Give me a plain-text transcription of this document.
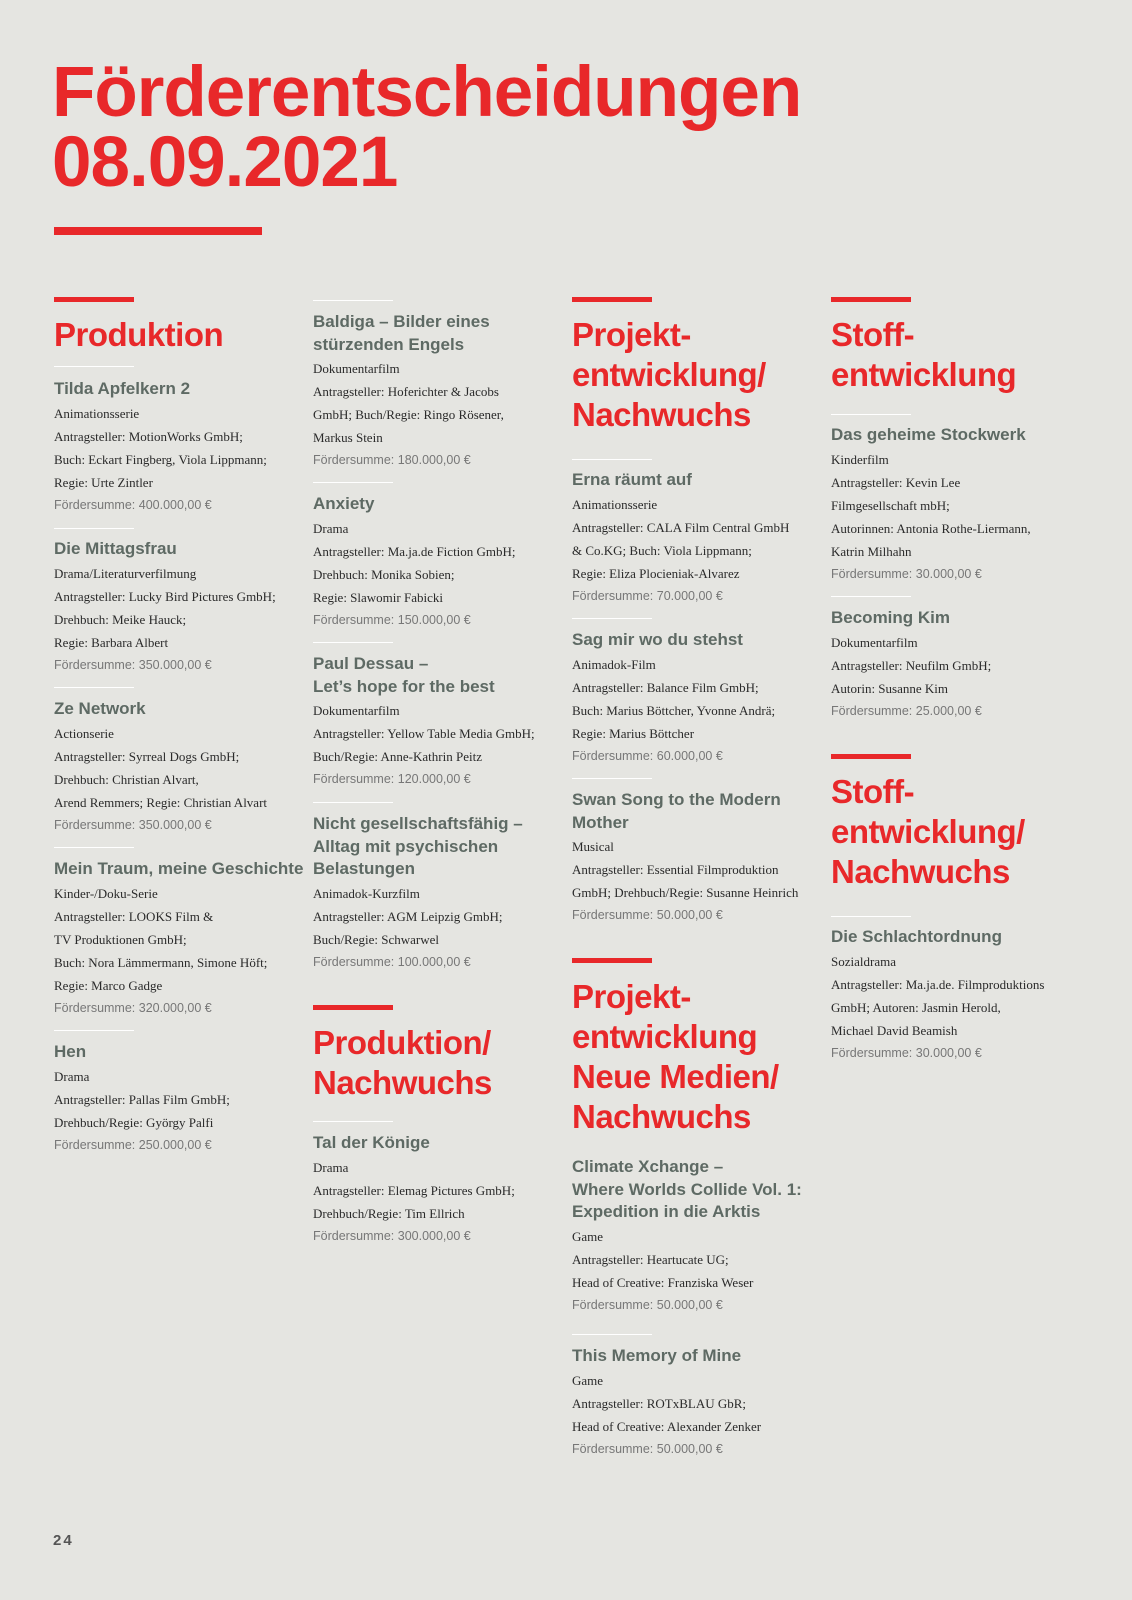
Förderentscheidungen
08.09.2021
Produktion
Tilda Apfelkern 2
Animationsserie
Antragsteller: MotionWorks GmbH;
Buch: Eckart Fingberg, Viola Lippmann;
Regie: Urte Zintler
Fördersumme: 400.000,00 €
Die Mittagsfrau
Drama/Literaturverfilmung
Antragsteller: Lucky Bird Pictures GmbH;
Drehbuch: Meike Hauck;
Regie: Barbara Albert
Fördersumme: 350.000,00 €
Ze Network
Actionserie
Antragsteller: Syrreal Dogs GmbH;
Drehbuch: Christian Alvart,
Arend Remmers; Regie: Christian Alvart
Fördersumme: 350.000,00 €
Mein Traum, meine Geschichte
Kinder-/Doku-Serie
Antragsteller: LOOKS Film &
TV Produktionen GmbH;
Buch: Nora Lämmermann, Simone Höft;
Regie: Marco Gadge
Fördersumme: 320.000,00 €
Hen
Drama
Antragsteller: Pallas Film GmbH;
Drehbuch/Regie: György Palfi
Fördersumme: 250.000,00 €
Baldiga – Bilder eines
stürzenden Engels
Dokumentarfilm
Antragsteller: Hoferichter & Jacobs
GmbH; Buch/Regie: Ringo Rösener,
Markus Stein
Fördersumme: 180.000,00 €
Anxiety
Drama
Antragsteller: Ma.ja.de Fiction GmbH;
Drehbuch: Monika Sobien;
Regie: Slawomir Fabicki
Fördersumme: 150.000,00 €
Paul Dessau –
Let’s hope for the best
Dokumentarfilm
Antragsteller: Yellow Table Media GmbH;
Buch/Regie: Anne-Kathrin Peitz
Fördersumme: 120.000,00 €
Nicht gesellschaftsfähig –
Alltag mit psychischen
Belastungen
Animadok-Kurzfilm
Antragsteller: AGM Leipzig GmbH;
Buch/Regie: Schwarwel
Fördersumme: 100.000,00 €
Produktion/
Nachwuchs
Tal der Könige
Drama
Antragsteller: Elemag Pictures GmbH;
Drehbuch/Regie: Tim Ellrich
Fördersumme: 300.000,00 €
Projekt-
entwicklung/
Nachwuchs
Erna räumt auf
Animationsserie
Antragsteller: CALA Film Central GmbH
& Co.KG; Buch: Viola Lippmann;
Regie: Eliza Plocieniak-Alvarez
Fördersumme: 70.000,00 €
Sag mir wo du stehst
Animadok-Film
Antragsteller: Balance Film GmbH;
Buch: Marius Böttcher, Yvonne Andrä;
Regie: Marius Böttcher
Fördersumme: 60.000,00 €
Swan Song to the Modern
Mother
Musical
Antragsteller: Essential Filmproduktion
GmbH; Drehbuch/Regie: Susanne Heinrich
Fördersumme: 50.000,00 €
Projekt-
entwicklung
Neue Medien/
Nachwuchs
Climate Xchange –
Where Worlds Collide Vol. 1:
Expedition in die Arktis
Game
Antragsteller: Heartucate UG;
Head of Creative: Franziska Weser
Fördersumme: 50.000,00 €
This Memory of Mine
Game
Antragsteller: ROTxBLAU GbR;
Head of Creative: Alexander Zenker
Fördersumme: 50.000,00 €
Stoff-
entwicklung
Das geheime Stockwerk
Kinderfilm
Antragsteller: Kevin Lee
Filmgesellschaft mbH;
Autorinnen: Antonia Rothe-Liermann,
Katrin Milhahn
Fördersumme: 30.000,00 €
Becoming Kim
Dokumentarfilm
Antragsteller: Neufilm GmbH;
Autorin: Susanne Kim
Fördersumme: 25.000,00 €
Stoff-
entwicklung/
Nachwuchs
Die Schlachtordnung
Sozialdrama
Antragsteller: Ma.ja.de. Filmproduktions
GmbH; Autoren: Jasmin Herold,
Michael David Beamish
Fördersumme: 30.000,00 €
24
